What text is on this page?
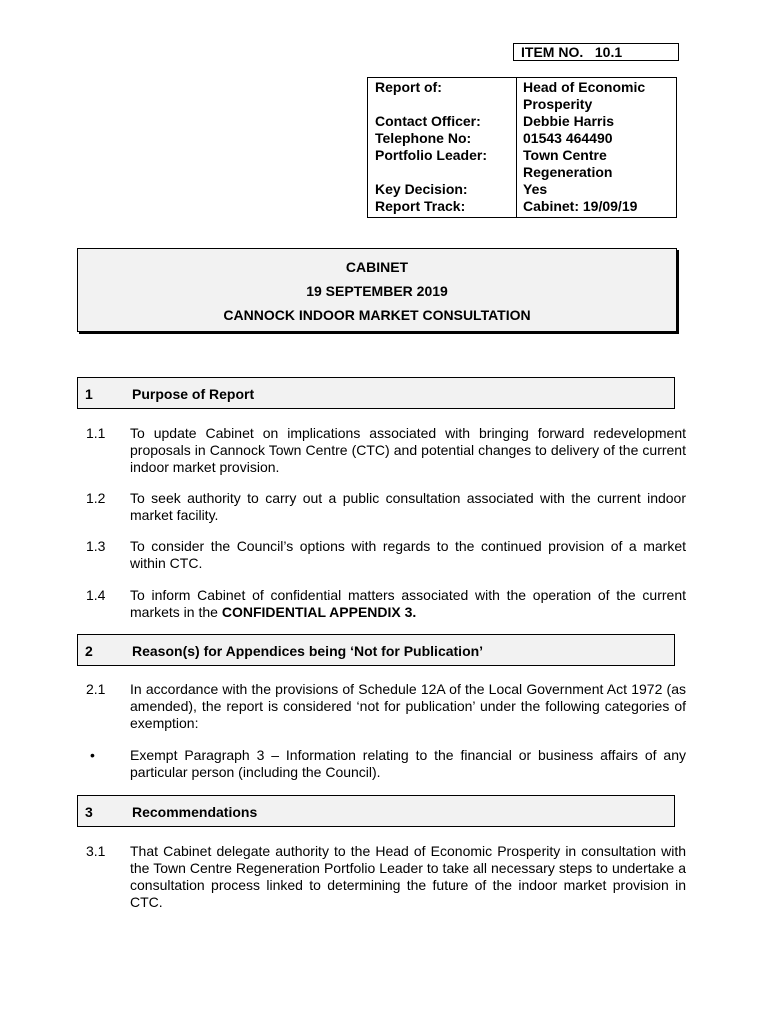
ITEM NO.   10.1
Report of:	Head of Economic Prosperity
Contact Officer:	Debbie Harris
Telephone No:	01543 464490
Portfolio Leader:	Town Centre Regeneration
Key Decision:	Yes
Report Track:	Cabinet: 19/09/19
CABINET
19 SEPTEMBER 2019
CANNOCK INDOOR MARKET CONSULTATION
1	Purpose of Report
1.1 To update Cabinet on implications associated with bringing forward redevelopment proposals in Cannock Town Centre (CTC) and potential changes to delivery of the current indoor market provision.
1.2 To seek authority to carry out a public consultation associated with the current indoor market facility.
1.3 To consider the Council’s options with regards to the continued provision of a market within CTC.
1.4 To inform Cabinet of confidential matters associated with the operation of the current markets in the CONFIDENTIAL APPENDIX 3.
2	Reason(s) for Appendices being ‘Not for Publication’
2.1 In accordance with the provisions of Schedule 12A of the Local Government Act 1972 (as amended), the report is considered ‘not for publication’ under the following categories of exemption:
•	Exempt Paragraph 3 – Information relating to the financial or business affairs of any particular person (including the Council).
3	Recommendations
3.1 That Cabinet delegate authority to the Head of Economic Prosperity in consultation with the Town Centre Regeneration Portfolio Leader to take all necessary steps to undertake a consultation process linked to determining the future of the indoor market provision in CTC.
